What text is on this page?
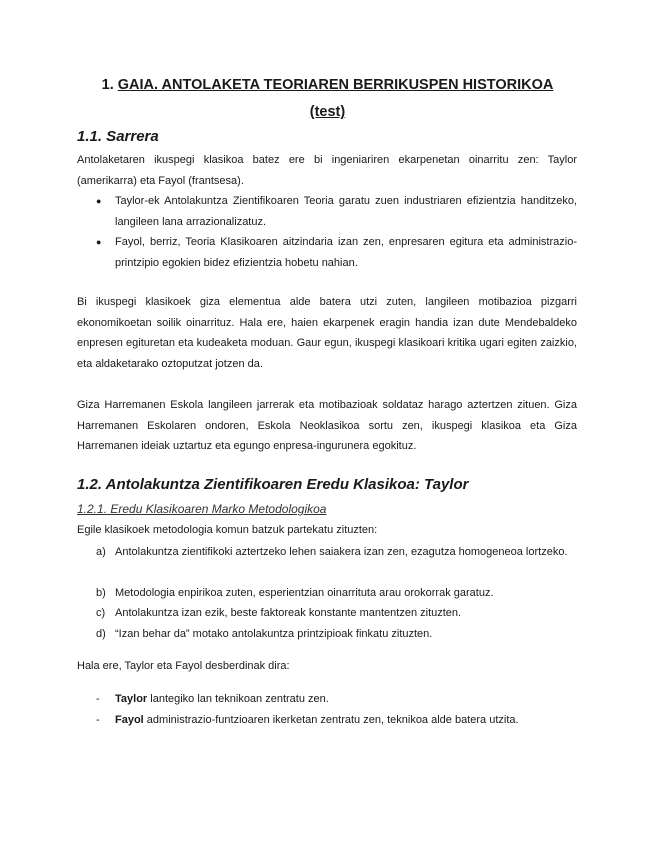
1. GAIA. ANTOLAKETA TEORIAREN BERRIKUSPEN HISTORIKOA
(test)
1.1. Sarrera
Antolaketaren ikuspegi klasikoa batez ere bi ingeniariren ekarpenetan oinarritu zen: Taylor (amerikarra) eta Fayol (frantsesa).
● Taylor-ek Antolakuntza Zientifikoaren Teoria garatu zuen industriaren efizientzia handitzeko, langileen lana arrazionalizatuz.
● Fayol, berriz, Teoria Klasikoaren aitzindaria izan zen, enpresaren egitura eta administrazio-printzipio egokien bidez efizientzia hobetu nahian.
Bi ikuspegi klasikoek giza elementua alde batera utzi zuten, langileen motibazioa pizgarri ekonomikoetan soilik oinarrituz. Hala ere, haien ekarpenek eragin handia izan dute Mendebaldeko enpresen egituretan eta kudeaketa moduan. Gaur egun, ikuspegi klasikoari kritika ugari egiten zaizkio, eta aldaketarako oztoputzat jotzen da.
Giza Harremanen Eskola langileen jarrerak eta motibazioak soldataz harago aztertzen zituen. Giza Harremanen Eskolaren ondoren, Eskola Neoklasikoa sortu zen, ikuspegi klasikoa eta Giza Harremanen ideiak uztartuz eta egungo enpresa-ingurunera egokituz.
1.2. Antolakuntza Zientifikoaren Eredu Klasikoa: Taylor
1.2.1. Eredu Klasikoaren Marko Metodologikoa
Egile klasikoek metodologia komun batzuk partekatu zituzten:
a) Antolakuntza zientifikoki aztertzeko lehen saiakera izan zen, ezagutza homogeneoa lortzeko.
b) Metodologia enpirikoa zuten, esperientzian oinarrituta arau orokorrak garatuz.
c) Antolakuntza izan ezik, beste faktoreak konstante mantentzen zituzten.
d) “Izan behar da” motako antolakuntza printzipioak finkatu zituzten.
Hala ere, Taylor eta Fayol desberdinak dira:
- Taylor lantegiko lan teknikoan zentratu zen.
- Fayol administrazio-funtzioaren ikerketan zentratu zen, teknikoa alde batera utzita.
